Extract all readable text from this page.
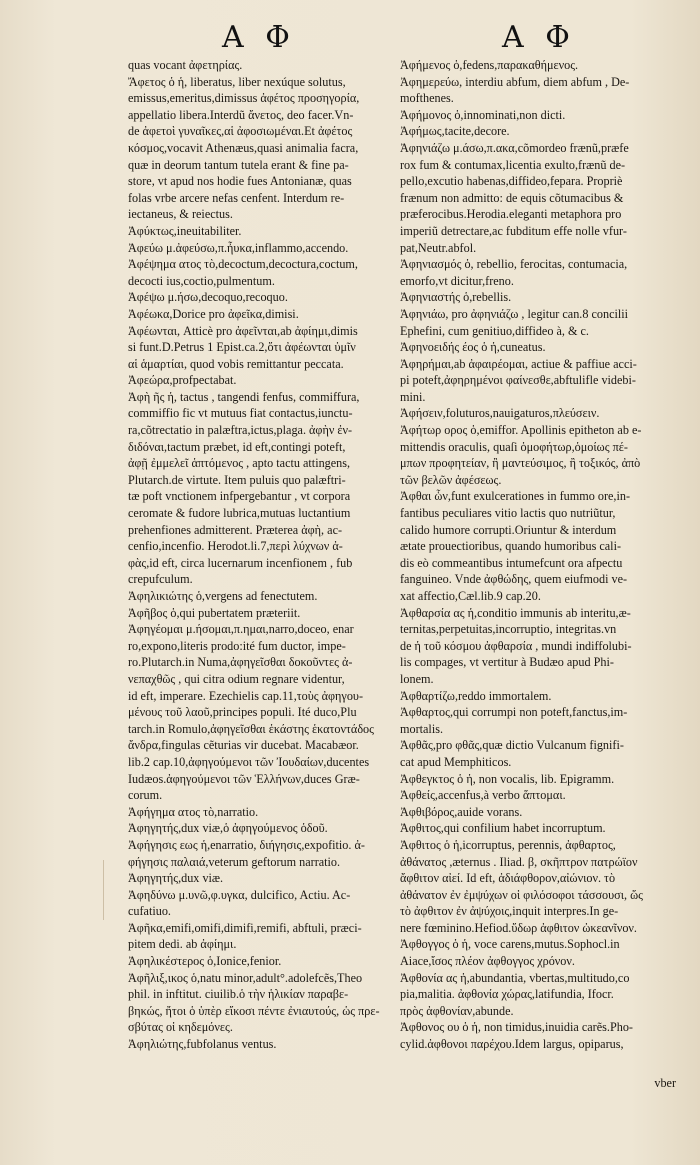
Α Φ	Α Φ
quas vocant ἀφετηρίας.
Ἄφετος ὁ ἡ, liberatus, liber nexúque solutus,
emissus,emeritus,dimissus ἀφέτος προσηγορία,
appellatio libera.Interdũ ἄνετος, deo facer.Vn-
de ἀφετοὶ γυναῖκες,αἱ ἀφοσιωμέναι.Et ἀφέτος
κόσμος,vocavit Athenæus,quasi animalia facra,
quæ in deorum tantum tutela erant & fine pa-
store, vt apud nos hodie fues Antonianæ, quas
folas vrbe arcere nefas cenfent. Interdum re-
iectaneus, & reiectus.
Ἀφύκτως,ineuitabiliter.
Ἀφεύω μ.ἀφεύσω,π.ἦυκα,inflammo,accendo.
Ἀφέψημα ατος τὸ,decoctum,decoctura,coctum,
decocti ius,coctio,pulmentum.
Ἀφέψω μ.ήσω,decoquo,recoquo.
Ἀφέωκα,Dorice pro ἀφεῖκα,dimisi.
Ἀφέωνται, Atticè pro ἀφεῖνται,ab ἀφίημι,dimis
si funt.D.Petrus 1 Epist.ca.2,ὅτι ἀφέωνται ὑμῖν
αἱ ἁμαρτίαι, quod vobis remittantur peccata.
Ἀφεώρα,profpectabat.
Ἀφὴ ῆς ἡ, tactus , tangendi fenfus, commiffura,
commiffio fic vt mutuus fiat contactus,iunctu-
ra,cõtrectatio in palæftra,ictus,plaga. ἀφὴν ἐν-
διδόναι,tactum præbet, id eft,contingi poteft,
ἀφῇ ἐμμελεῖ ἁπτόμενος , apto tactu attingens,
Plutarch.de virtute. Item puluis quo palæftri-
tæ poft vnctionem infpergebantur , vt corpora
ceromate & fudore lubrica,mutuas luctantium
prehenfiones admitterent. Præterea ἀφὴ, ac-
cenfio,incenfio. Herodot.li.7,περὶ λύχνων ἀ-
φὰς,id eft, circa lucernarum incenfionem , fub
crepufculum.
Ἀφηλικιώτης ὁ,vergens ad fenectutem.
Ἀφῆβος ὁ,qui pubertatem præteriit.
Ἀφηγέομαι μ.ήσομαι,π.ημαι,narro,doceo, enar
ro,expono,literis prodo:ité fum ductor, impe-
ro.Plutarch.in Numa,ἀφηγεῖσθαι δοκοῦντες ἀ-
νεπαχθῶς , qui citra odium regnare videntur,
id eft, imperare. Ezechielis cap.11,τοὺς ἀφηγου-
μένους τοῦ λαοῦ,principes populi. Ité duco,Plu
tarch.in Romulo,ἀφηγεῖσθαι ἑκάστης ἑκατοντάδος
ἄνδρα,fingulas cẽturias vir ducebat. Macabæor.
lib.2 cap.10,ἀφηγούμενοι τῶν Ἰουδαίων,ducentes
Iudæos.ἀφηγούμενοι τῶν Ἑλλήνων,duces Græ-
corum.
Ἀφήγημα ατος τὸ,narratio.
Ἀφηγητής,dux viæ,ὁ ἀφηγούμενος ὁδοῦ.
Ἀφήγησις εως ἡ,enarratio, διήγησις,expofitio. ἀ-
φήγησις παλαιά,veterum geftorum narratio.
Ἀφηγητής,dux viæ.
Ἀφηδύνω μ.υνῶ,φ.υγκα, dulcifico, Actiu. Ac-
cufatiuo.
Ἀφῆκα,emifi,omifi,dimifi,remifi, abftuli, præci-
pitem dedi. ab ἀφίημι.
Ἀφηλικέστερος ὁ,Ionice,fenior.
Ἀφῆλιξ,ικος ὁ,natu minor,adult°.adolefcẽs,Theo
phil. in inftitut. ciuilib.ὁ τὴν ἡλικίαν παραβε-
βηκώς, ἤτοι ὁ ὑπὲρ εἴκοσι πέντε ἐνιαυτούς, ὡς πρε-
σβύτας οἱ κηδεμόνες.
Ἀφηλιώτης,fubfolanus ventus.
Ἀφήμενος ὁ,fedens,παρακαθήμενος.
Ἀφημερεύω, interdiu abfum, diem abfum , De-
mofthenes.
Ἀφήμονος ὁ,innominati,non dicti.
Ἀφήμως,tacite,decore.
Ἀφηνιάζω μ.άσω,π.ακα,cõmordeo frænũ,præfe
rox fum & contumax,licentia exulto,frænũ de-
pello,excutio habenas,diffideo,fepara. Propriè
frænum non admitto: de equis cõtumacibus &
præferocibus.Herodia.eleganti metaphora pro
imperiũ detrectare,ac fubditum effe nolle vfur-
pat,Neutr.abfol.
Ἀφηνιασμός ὁ, rebellio, ferocitas, contumacia,
emorfo,vt dicitur,freno.
Ἀφηνιαστής ὁ,rebellis.
Ἀφηνιάω, pro ἀφηνιάζω , legitur can.8 concilii
Ephefini, cum genitiuo,diffideo à, & c.
Ἀφηνοειδής έος ὁ ἡ,cuneatus.
Ἀφηρήμαι,ab ἀφαιρέομαι, actiue & paffiue acci-
pi poteft,ἀφηρημένοι φαίνεσθε,abftulifle videbi-
mini.
Ἀφήσειν,foluturos,nauigaturos,πλεύσειν.
Ἀφήτωρ ορος ὁ,emiffor. Apollinis epitheton ab e-
mittendis oraculis, quaſi ὁμοφήτωρ,ὁμοίως πέ-
μπων προφητείαν, ἢ μαντεύσιμος, ἢ τοξικός, ἀπὸ
τῶν βελῶν ἀφέσεως.
Ἀφθαι ὧν,funt exulcerationes in fummo ore,in-
fantibus peculiares vitio lactis quo nutriũtur,
calido humore corrupti.Oriuntur & interdum
ætate prouectioribus, quando humoribus cali-
dis eò commeantibus intumefcunt ora afpectu
fanguineo. Vnde ἀφθώδης, quem eiufmodi ve-
xat affectio,Cæl.lib.9 cap.20.
Ἀφθαρσία ας ἡ,conditio immunis ab interitu,æ-
ternitas,perpetuitas,incorruptio, integritas.vn
de ἡ τοῦ κόσμου ἀφθαρσία , mundi indiffolubi-
lis compages, vt vertitur à Budæo apud Phi-
lonem.
Ἀφθαρτίζω,reddo immortalem.
Ἀφθαρτος,qui corrumpi non poteft,fanctus,im-
mortalis.
Ἀφθᾶς,pro φθᾶς,quæ dictio Vulcanum fignifi-
cat apud Memphiticos.
Ἀφθεγκτος ὁ ἡ, non vocalis, lib. Epigramm.
Ἀφθείς,accenfus,à verbo ἅπτομαι.
Ἀφθιβόρος,auide vorans.
Ἀφθιτος,qui confilium habet incorruptum.
Ἀφθιτος ὁ ἡ,icorruptus, perennis, ἀφθαρτος,
ἀθάνατος ,æternus . Iliad. β, σκῆπτρον πατρώϊον
ἄφθιτον αἰεί. Id eft, ἀδιάφθορον,αἰώνιον. τὸ
ἀθάνατον ἐν ἐμψύχων οἱ φιλόσοφοι τάσσουσι, ὥς
τὸ ἀφθιτον ἐν ἀψύχοις,inquit interpres.In ge-
nere fœminino.Hefiod.ὕδωρ ἀφθιτον ὠκεανῖνον.
Ἀφθογγος ὁ ἡ, voce carens,mutus.Sophocl.in
Aiace,ἴσος πλέον ἀφθογγος χρόνον.
Ἀφθονία ας ἡ,abundantia, vbertas,multitudo,co
pia,malitia. ἀφθονία χώρας,latifundia, Ifocr.
πρὸς ἀφθονίαν,abunde.
Ἀφθονος ου ὁ ἡ, non timidus,inuidia carẽs.Pho-
cylid.ἀφθονοι παρέχου.Idem largus, opiparus,
vber
